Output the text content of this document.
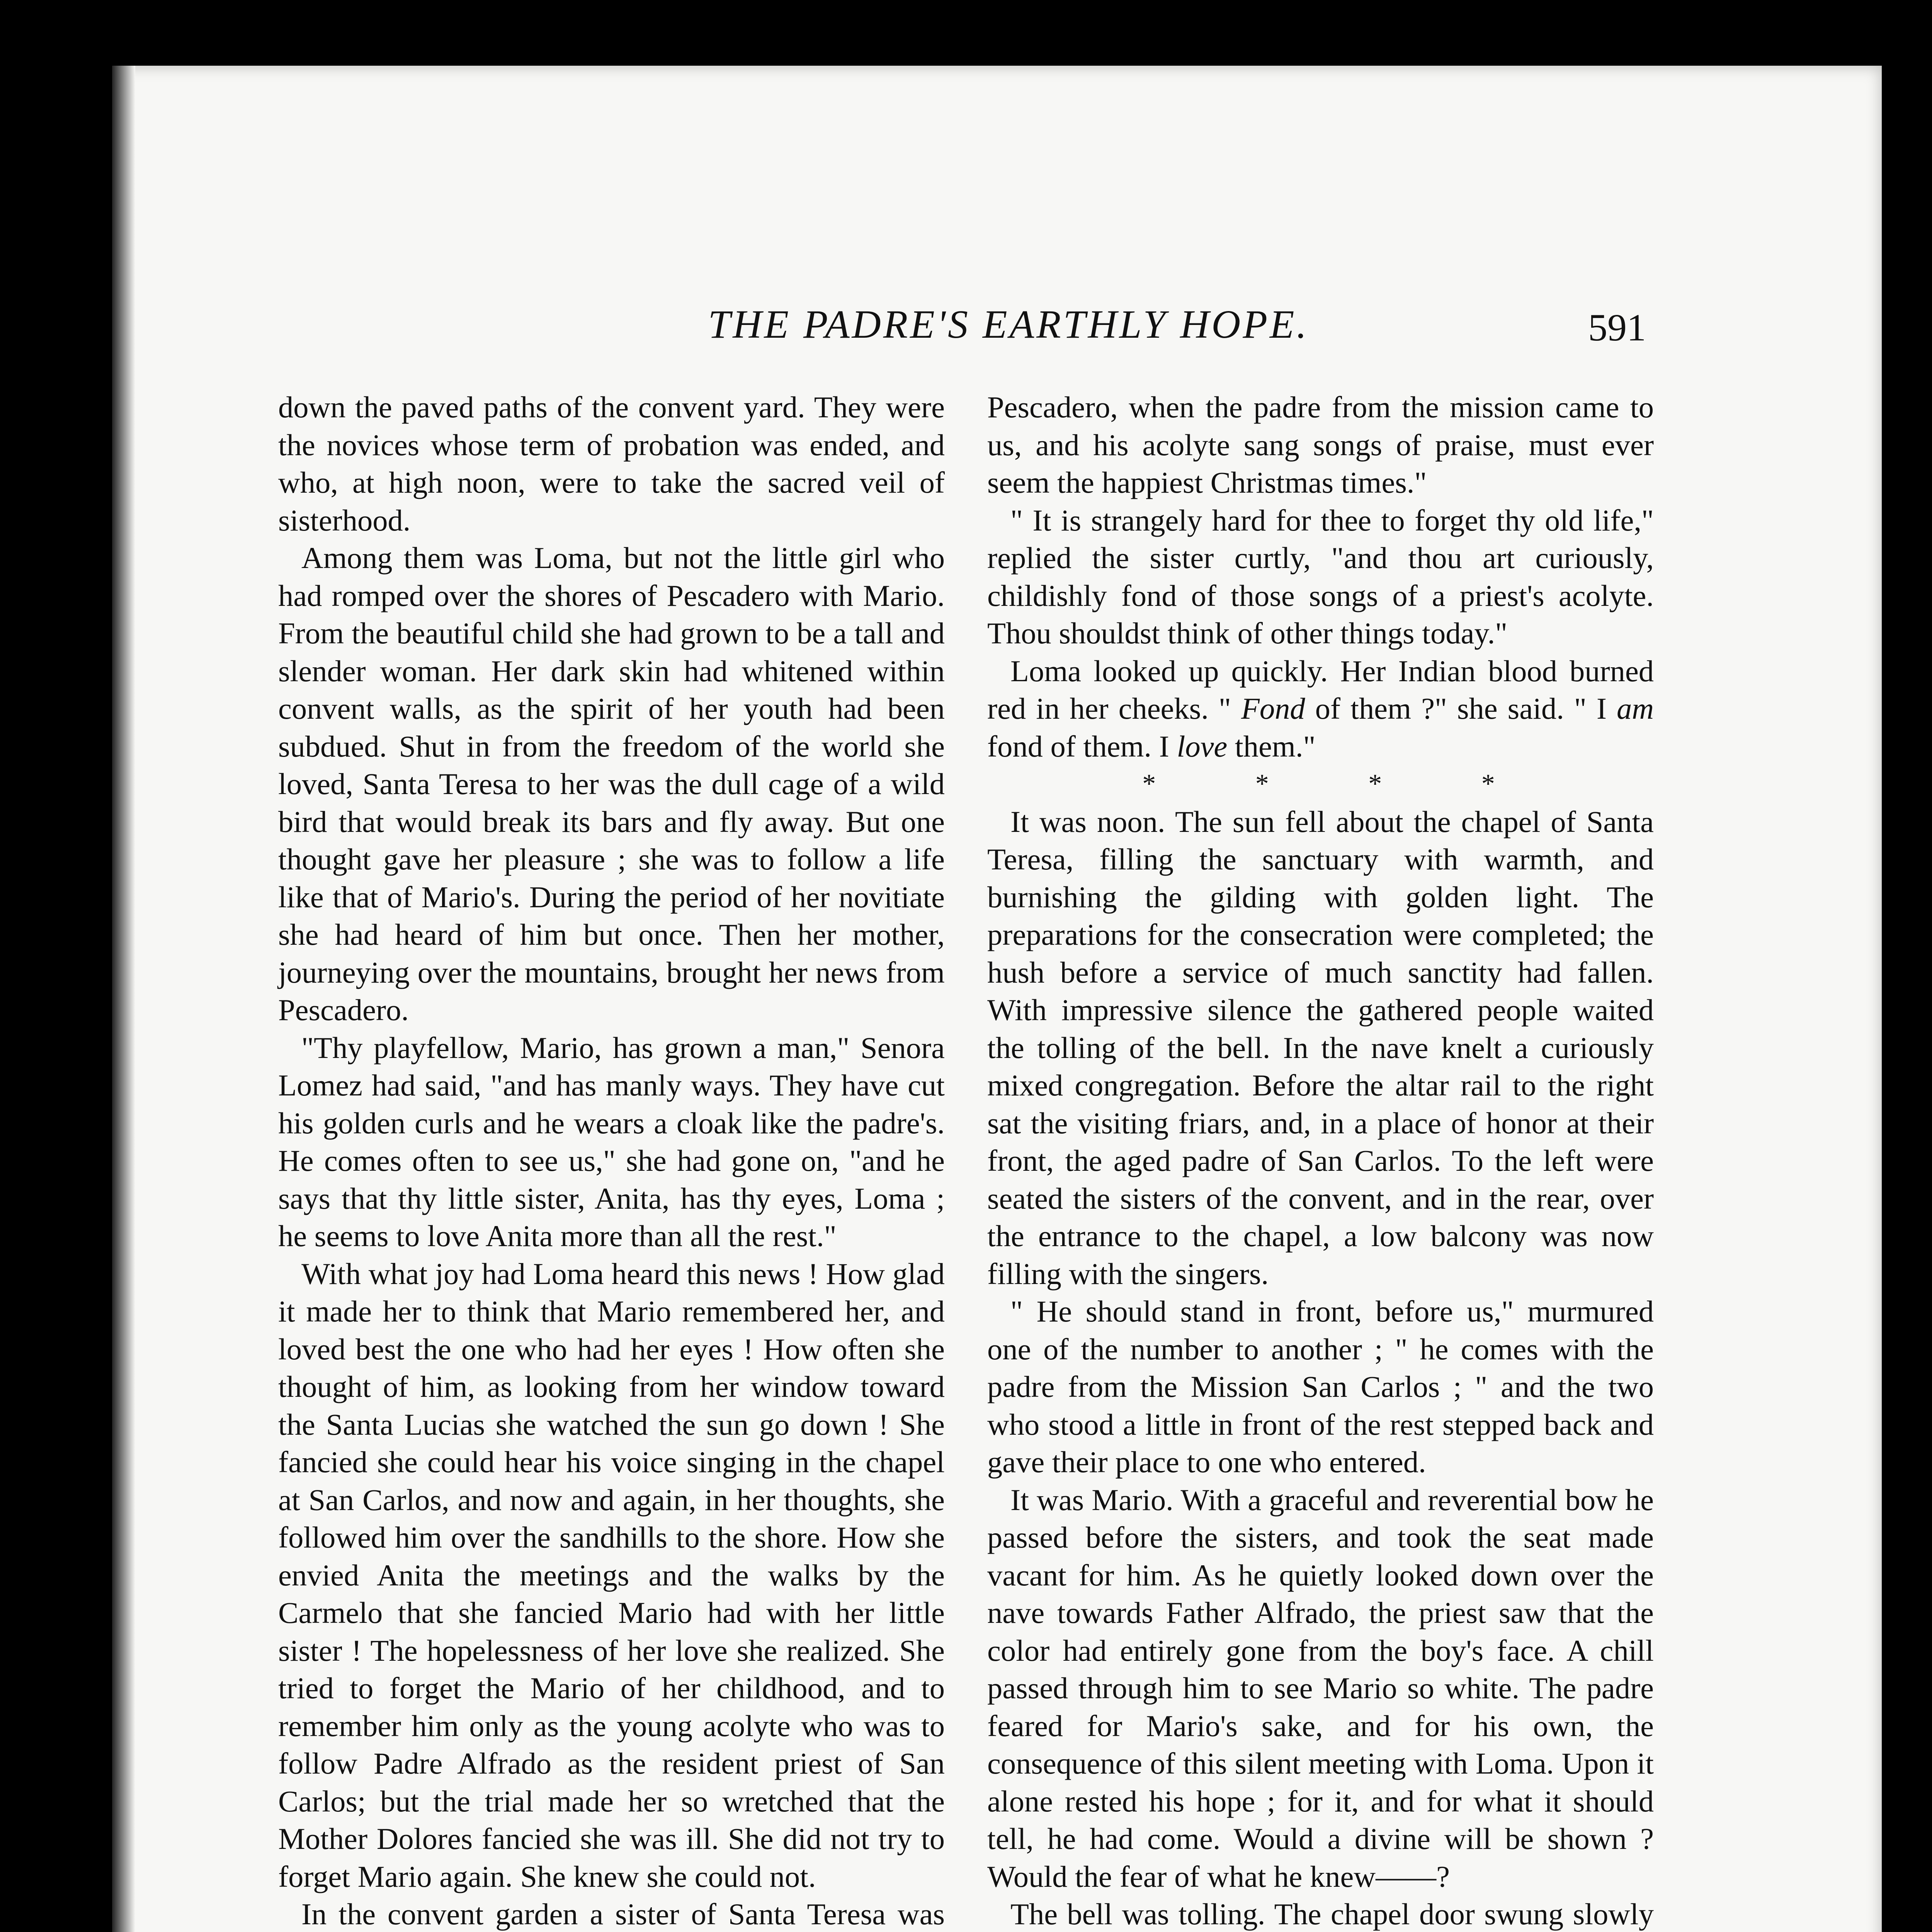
THE PADRE'S EARTHLY HOPE.	591

down the paved paths of the convent yard. They were the novices whose term of probation was ended, and who, at high noon, were to take the sacred veil of sisterhood.

Among them was Loma, but not the little girl who had romped over the shores of Pescadero with Mario. From the beautiful child she had grown to be a tall and slender woman. Her dark skin had whitened within convent walls, as the spirit of her youth had been subdued. Shut in from the freedom of the world she loved, Santa Teresa to her was the dull cage of a wild bird that would break its bars and fly away. But one thought gave her pleasure ; she was to follow a life like that of Mario's. During the period of her novitiate she had heard of him but once. Then her mother, journeying over the mountains, brought her news from Pescadero.

"Thy playfellow, Mario, has grown a man," Senora Lomez had said, "and has manly ways. They have cut his golden curls and he wears a cloak like the padre's. He comes often to see us," she had gone on, "and he says that thy little sister, Anita, has thy eyes, Loma ; he seems to love Anita more than all the rest."

With what joy had Loma heard this news ! How glad it made her to think that Mario remembered her, and loved best the one who had her eyes ! How often she thought of him, as looking from her window toward the Santa Lucias she watched the sun go down ! She fancied she could hear his voice singing in the chapel at San Carlos, and now and again, in her thoughts, she followed him over the sandhills to the shore. How she envied Anita the meetings and the walks by the Carmelo that she fancied Mario had with her little sister ! The hopelessness of her love she realized. She tried to forget the Mario of her childhood, and to remember him only as the young acolyte who was to follow Padre Alfrado as the resident priest of San Carlos; but the trial made her so wretched that the Mother Dolores fancied she was ill. She did not try to forget Mario again. She knew she could not.

In the convent garden a sister of Santa Teresa was

Pescadero, when the padre from the mission came to us, and his acolyte sang songs of praise, must ever seem the happiest Christmas times."

" It is strangely hard for thee to forget thy old life," replied the sister curtly, "and thou art curiously, childishly fond of those songs of a priest's acolyte. Thou shouldst think of other things today."

Loma looked up quickly. Her Indian blood burned red in her cheeks. " Fond of them ?" she said. " I am fond of them. I love them."

* * * *

It was noon. The sun fell about the chapel of Santa Teresa, filling the sanctuary with warmth, and burnishing the gilding with golden light. The preparations for the consecration were completed; the hush before a service of much sanctity had fallen. With impressive silence the gathered people waited the tolling of the bell. In the nave knelt a curiously mixed congregation. Before the altar rail to the right sat the visiting friars, and, in a place of honor at their front, the aged padre of San Carlos. To the left were seated the sisters of the convent, and in the rear, over the entrance to the chapel, a low balcony was now filling with the singers.

" He should stand in front, before us," murmured one of the number to another ; " he comes with the padre from the Mission San Carlos ; " and the two who stood a little in front of the rest stepped back and gave their place to one who entered.

It was Mario. With a graceful and reverential bow he passed before the sisters, and took the seat made vacant for him. As he quietly looked down over the nave towards Father Alfrado, the priest saw that the color had entirely gone from the boy's face. A chill passed through him to see Mario so white. The padre feared for Mario's sake, and for his own, the consequence of this silent meeting with Loma. Upon it alone rested his hope ; for it, and for what it should tell, he had come. Would a divine will be shown ? Would the fear of what he knew——?

The bell was tolling. The chapel door swung slowly
